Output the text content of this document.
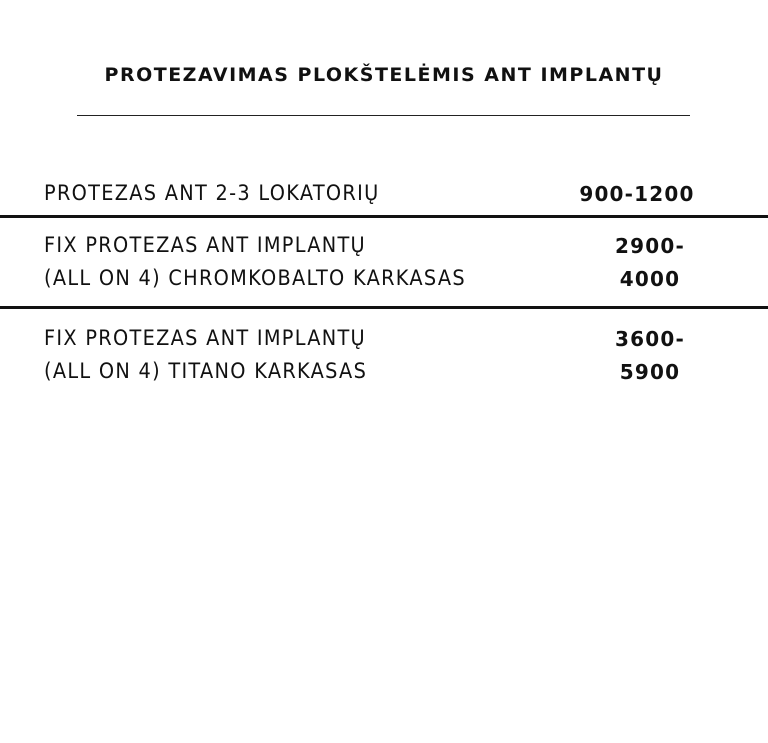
PROTEZAVIMAS PLOKŠTELĖMIS ANT IMPLANTŲ
PROTEZAS ANT 2-3 LOKATORIŲ	900-1200
FIX PROTEZAS ANT IMPLANTŲ
(ALL ON 4) CHROMKOBALTO KARKASAS
2900-
4000
FIX PROTEZAS ANT IMPLANTŲ
(ALL ON 4) TITANO KARKASAS
3600-
5900
